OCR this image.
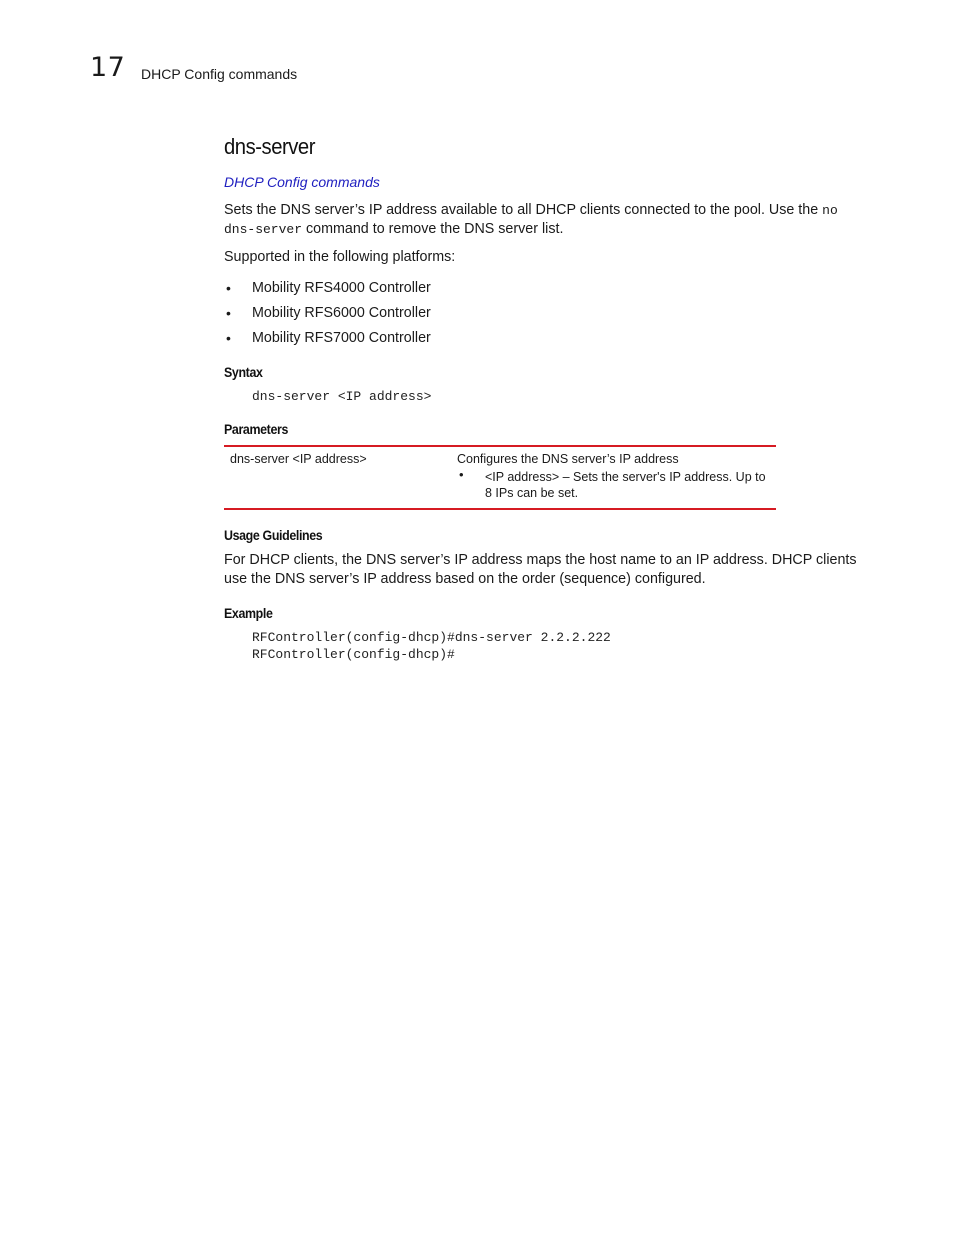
17 DHCP Config commands
dns-server
DHCP Config commands
Sets the DNS server’s IP address available to all DHCP clients connected to the pool. Use the no dns-server command to remove the DNS server list.
Supported in the following platforms:
• Mobility RFS4000 Controller
• Mobility RFS6000 Controller
• Mobility RFS7000 Controller
Syntax
dns-server <IP address>
Parameters
dns-server <IP address>	Configures the DNS server’s IP address
• <IP address> – Sets the server's IP address. Up to 8 IPs can be set.
Usage Guidelines
For DHCP clients, the DNS server’s IP address maps the host name to an IP address. DHCP clients use the DNS server’s IP address based on the order (sequence) configured.
Example
RFController(config-dhcp)#dns-server 2.2.2.222
RFController(config-dhcp)#
